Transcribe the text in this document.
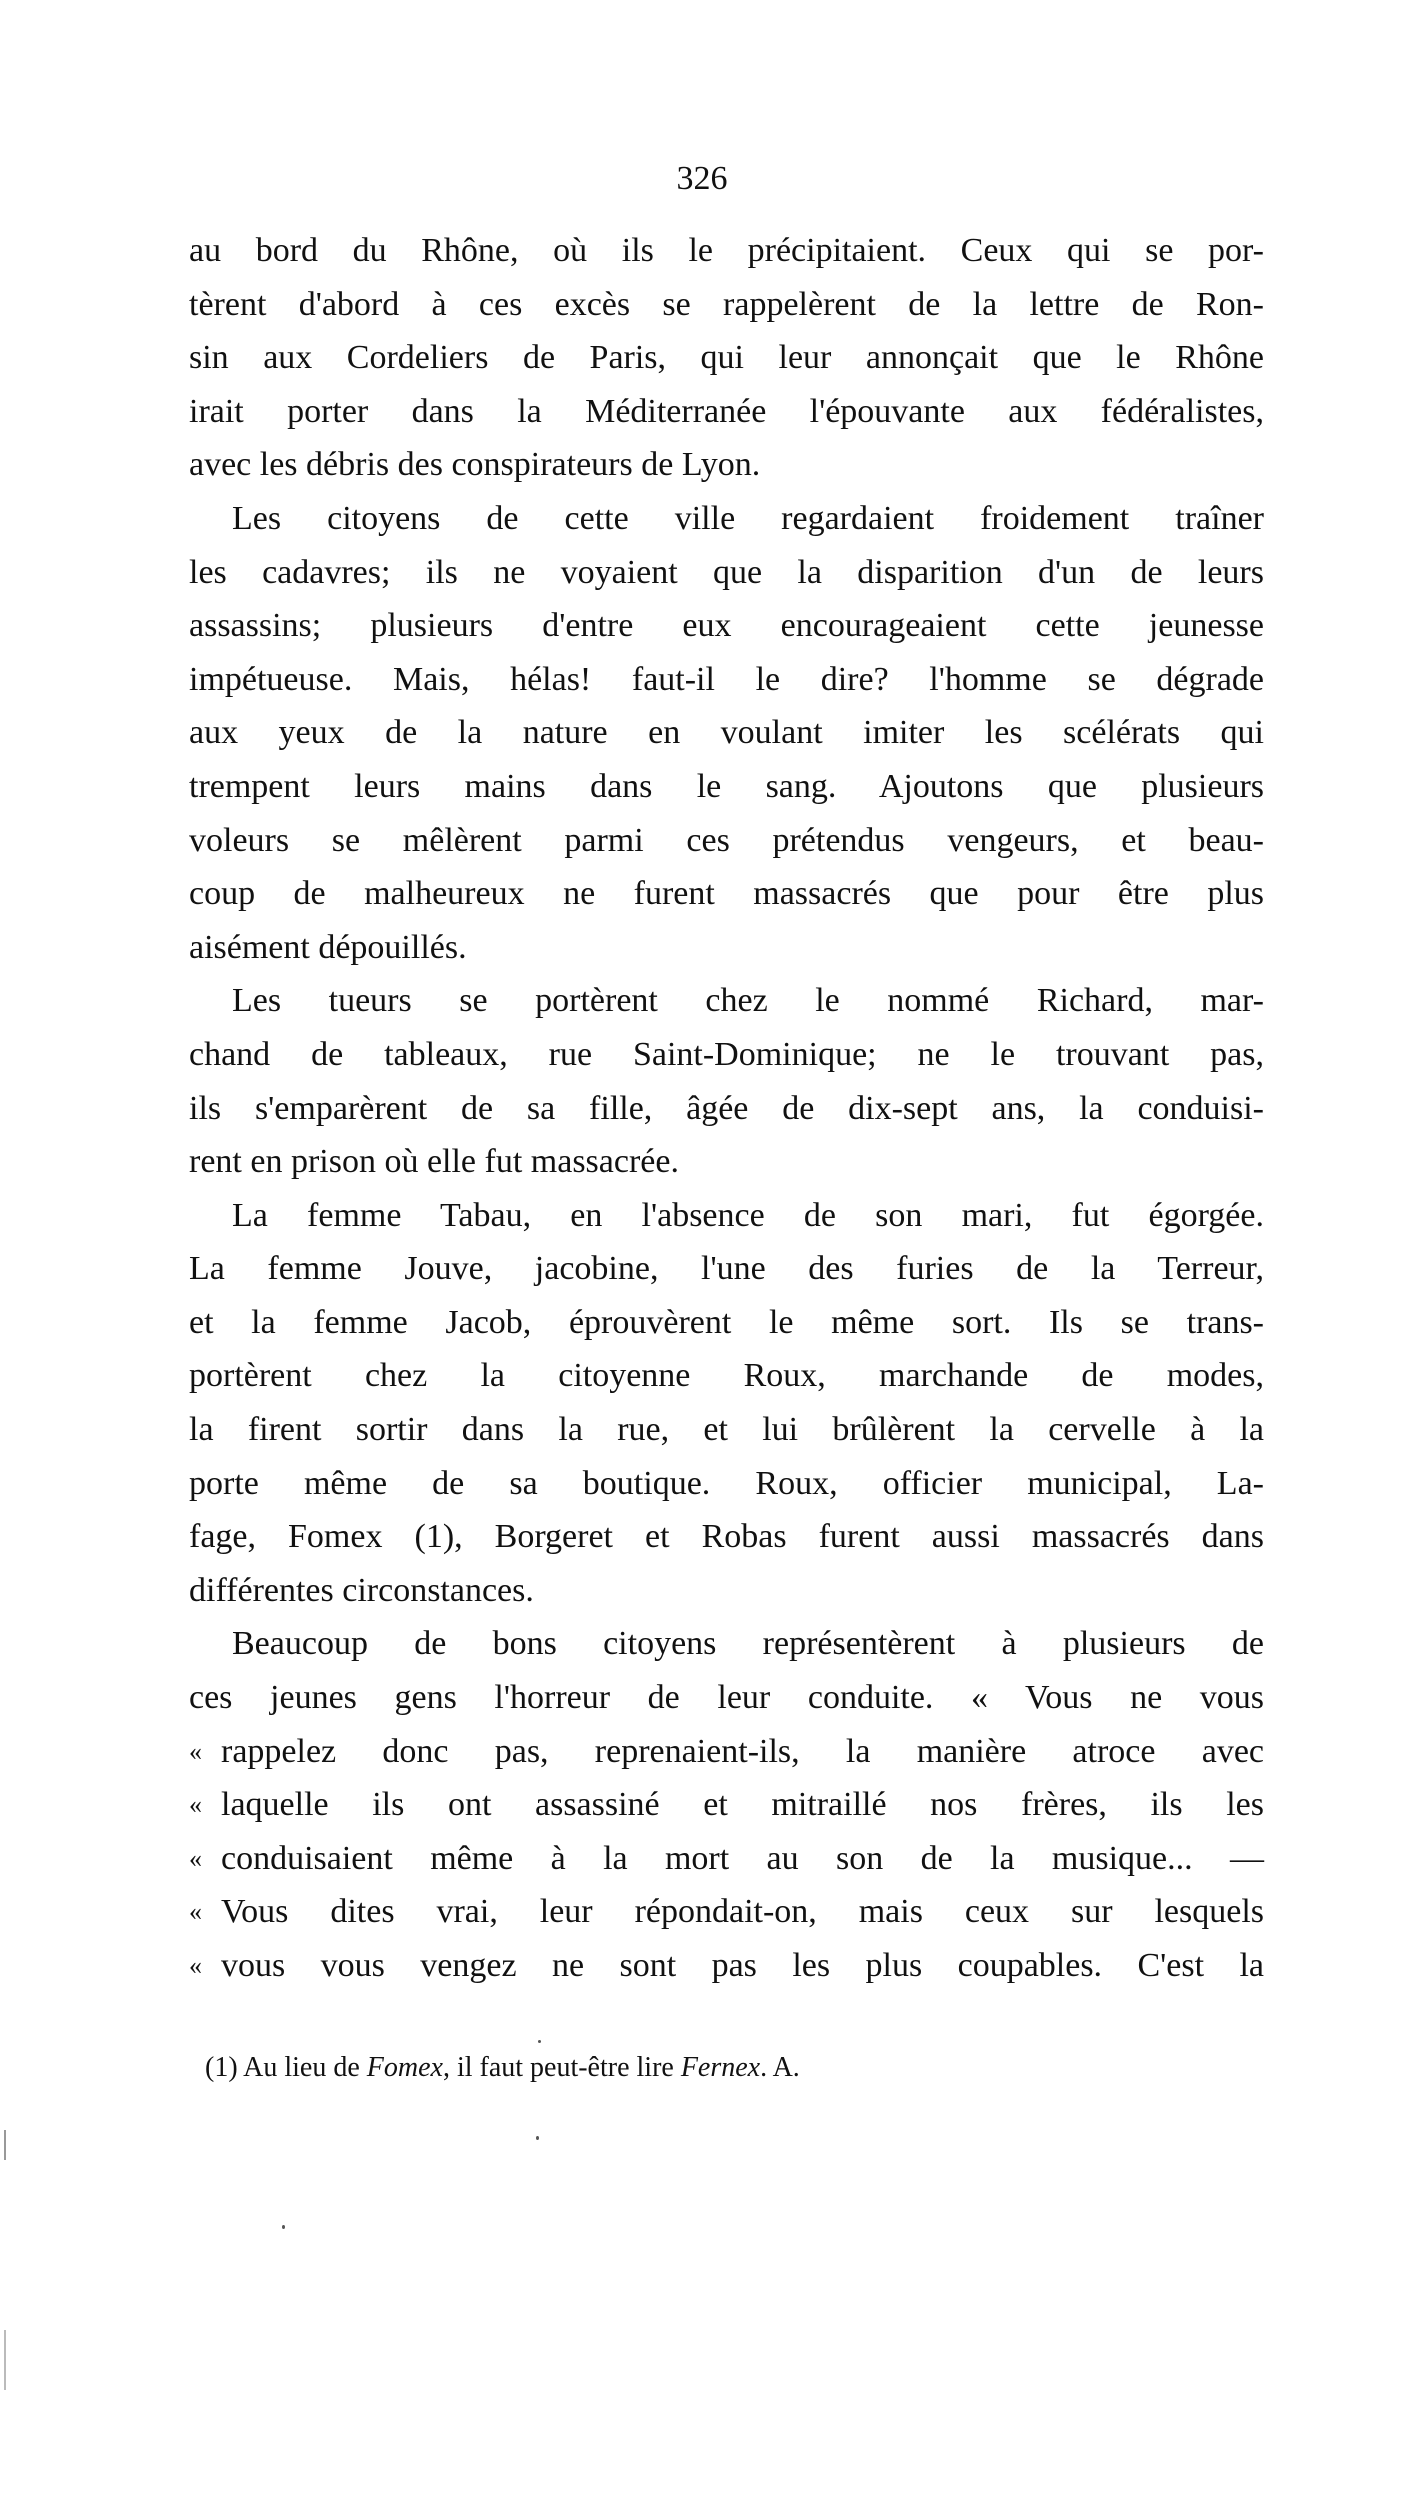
326
au bord du Rhône, où ils le précipitaient. Ceux qui se por-
tèrent d'abord à ces excès se rappelèrent de la lettre de Ron-
sin aux Cordeliers de Paris, qui leur annonçait que le Rhône
irait porter dans la Méditerranée l'épouvante aux fédéralistes,
avec les débris des conspirateurs de Lyon.
Les citoyens de cette ville regardaient froidement traîner
les cadavres; ils ne voyaient que la disparition d'un de leurs
assassins; plusieurs d'entre eux encourageaient cette jeunesse
impétueuse. Mais, hélas! faut-il le dire? l'homme se dégrade
aux yeux de la nature en voulant imiter les scélérats qui
trempent leurs mains dans le sang. Ajoutons que plusieurs
voleurs se mêlèrent parmi ces prétendus vengeurs, et beau-
coup de malheureux ne furent massacrés que pour être plus
aisément dépouillés.
Les tueurs se portèrent chez le nommé Richard, mar-
chand de tableaux, rue Saint-Dominique; ne le trouvant pas,
ils s'emparèrent de sa fille, âgée de dix-sept ans, la conduisi-
rent en prison où elle fut massacrée.
La femme Tabau, en l'absence de son mari, fut égorgée.
La femme Jouve, jacobine, l'une des furies de la Terreur,
et la femme Jacob, éprouvèrent le même sort. Ils se trans-
portèrent chez la citoyenne Roux, marchande de modes,
la firent sortir dans la rue, et lui brûlèrent la cervelle à la
porte même de sa boutique. Roux, officier municipal, La-
fage, Fomex (1), Borgeret et Robas furent aussi massacrés dans
différentes circonstances.
Beaucoup de bons citoyens représentèrent à plusieurs de
ces jeunes gens l'horreur de leur conduite. « Vous ne vous
« rappelez donc pas, reprenaient-ils, la manière atroce avec
« laquelle ils ont assassiné et mitraillé nos frères, ils les
« conduisaient même à la mort au son de la musique... —
« Vous dites vrai, leur répondait-on, mais ceux sur lesquels
« vous vous vengez ne sont pas les plus coupables. C'est la
(1) Au lieu de Fomex, il faut peut-être lire Fernex. A.
